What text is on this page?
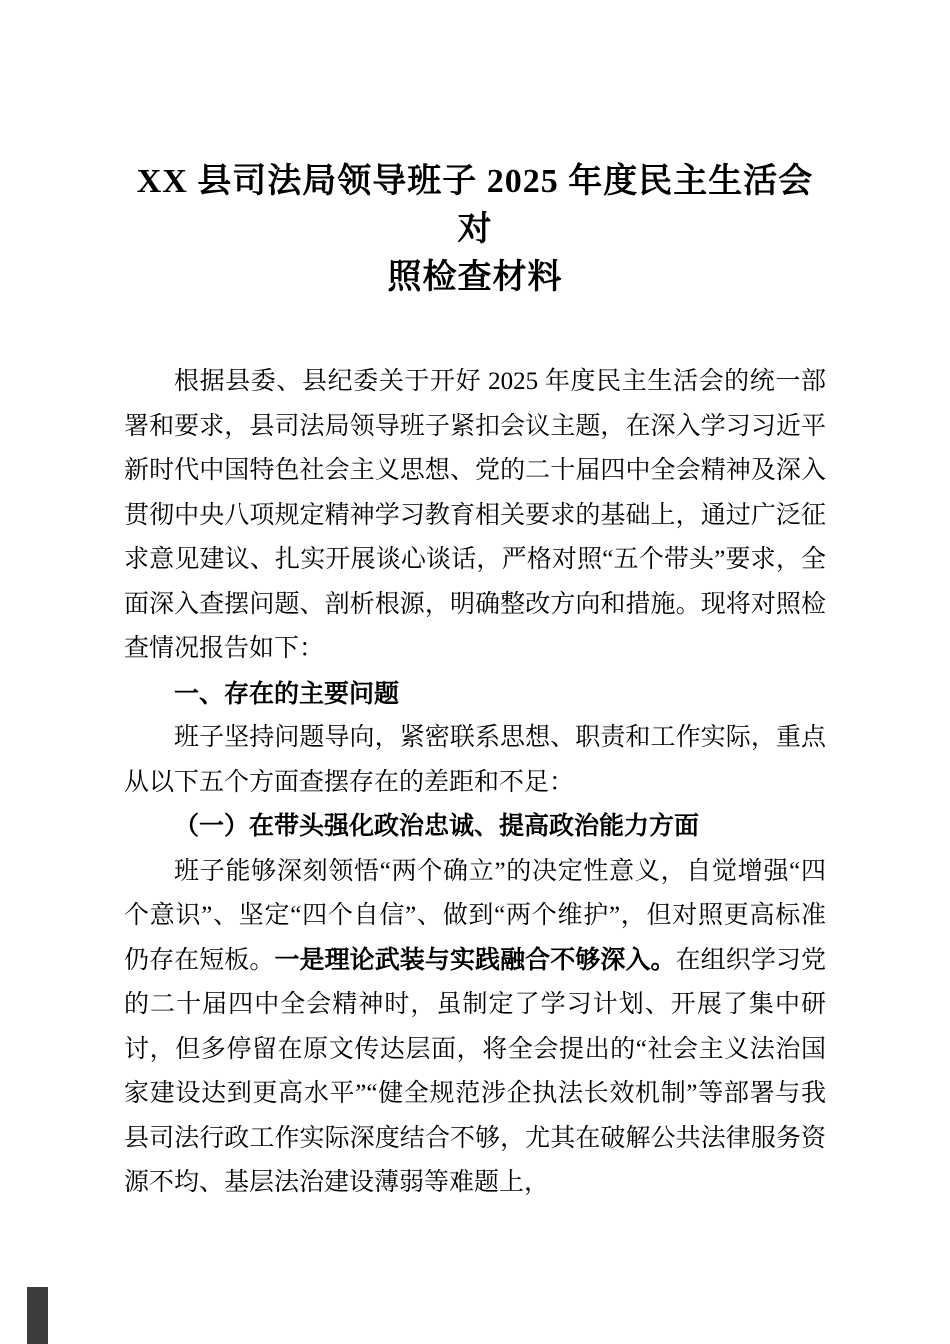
XX 县司法局领导班子 2025 年度民主生活会对
照检查材料

根据县委、县纪委关于开好 2025 年度民主生活会的统一部署和要求，县司法局领导班子紧扣会议主题，在深入学习习近平新时代中国特色社会主义思想、党的二十届四中全会精神及深入贯彻中央八项规定精神学习教育相关要求的基础上，通过广泛征求意见建议、扎实开展谈心谈话，严格对照“五个带头”要求，全面深入查摆问题、剖析根源，明确整改方向和措施。现将对照检查情况报告如下：

一、存在的主要问题

班子坚持问题导向，紧密联系思想、职责和工作实际，重点从以下五个方面查摆存在的差距和不足：

（一）在带头强化政治忠诚、提高政治能力方面

班子能够深刻领悟“两个确立”的决定性意义，自觉增强“四个意识”、坚定“四个自信”、做到“两个维护”，但对照更高标准仍存在短板。一是理论武装与实践融合不够深入。在组织学习党的二十届四中全会精神时，虽制定了学习计划、开展了集中研讨，但多停留在原文传达层面，将全会提出的“社会主义法治国家建设达到更高水平”“健全规范涉企执法长效机制”等部署与我县司法行政工作实际深度结合不够，尤其在破解公共法律服务资源不均、基层法治建设薄弱等难题上，
